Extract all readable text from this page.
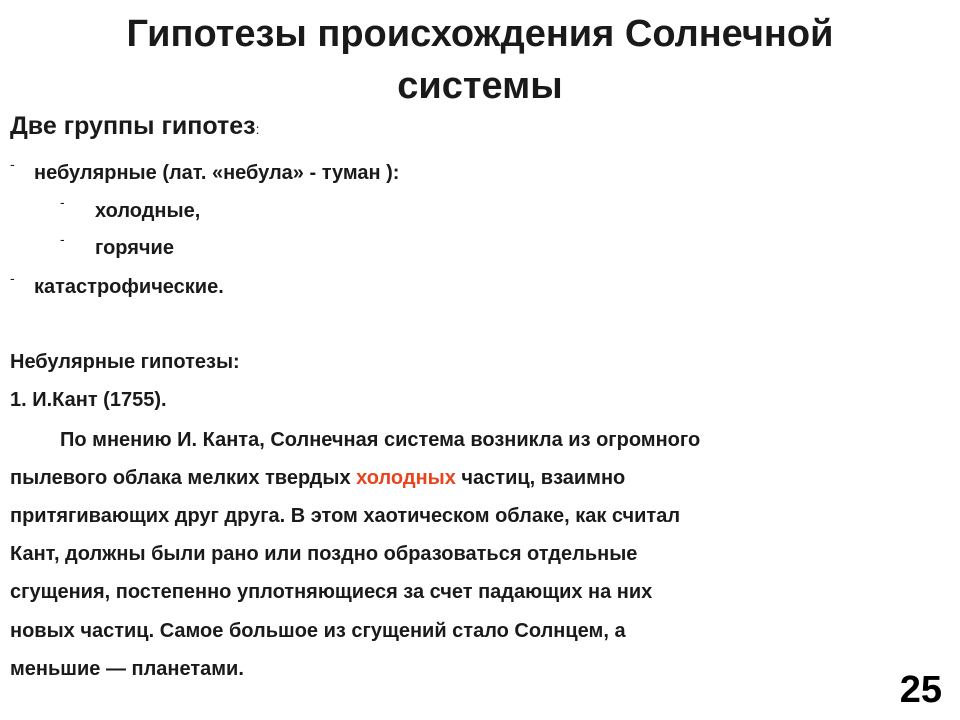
Гипотезы происхождения Солнечной системы
Две группы гипотез:
- небулярные (лат. «небула» - туман ):
- холодные,
- горячие
- катастрофические.
Небулярные гипотезы:
1. И.Кант (1755).
По мнению И. Канта, Солнечная система возникла из огромного
пылевого облака мелких твердых холодных частиц, взаимно
притягивающих друг друга. В этом хаотическом облаке, как считал
Кант, должны были рано или поздно образоваться отдельные
сгущения, постепенно уплотняющиеся за счет падающих на них
новых частиц. Самое большое из сгущений стало Солнцем, а
меньшие — планетами.	25
